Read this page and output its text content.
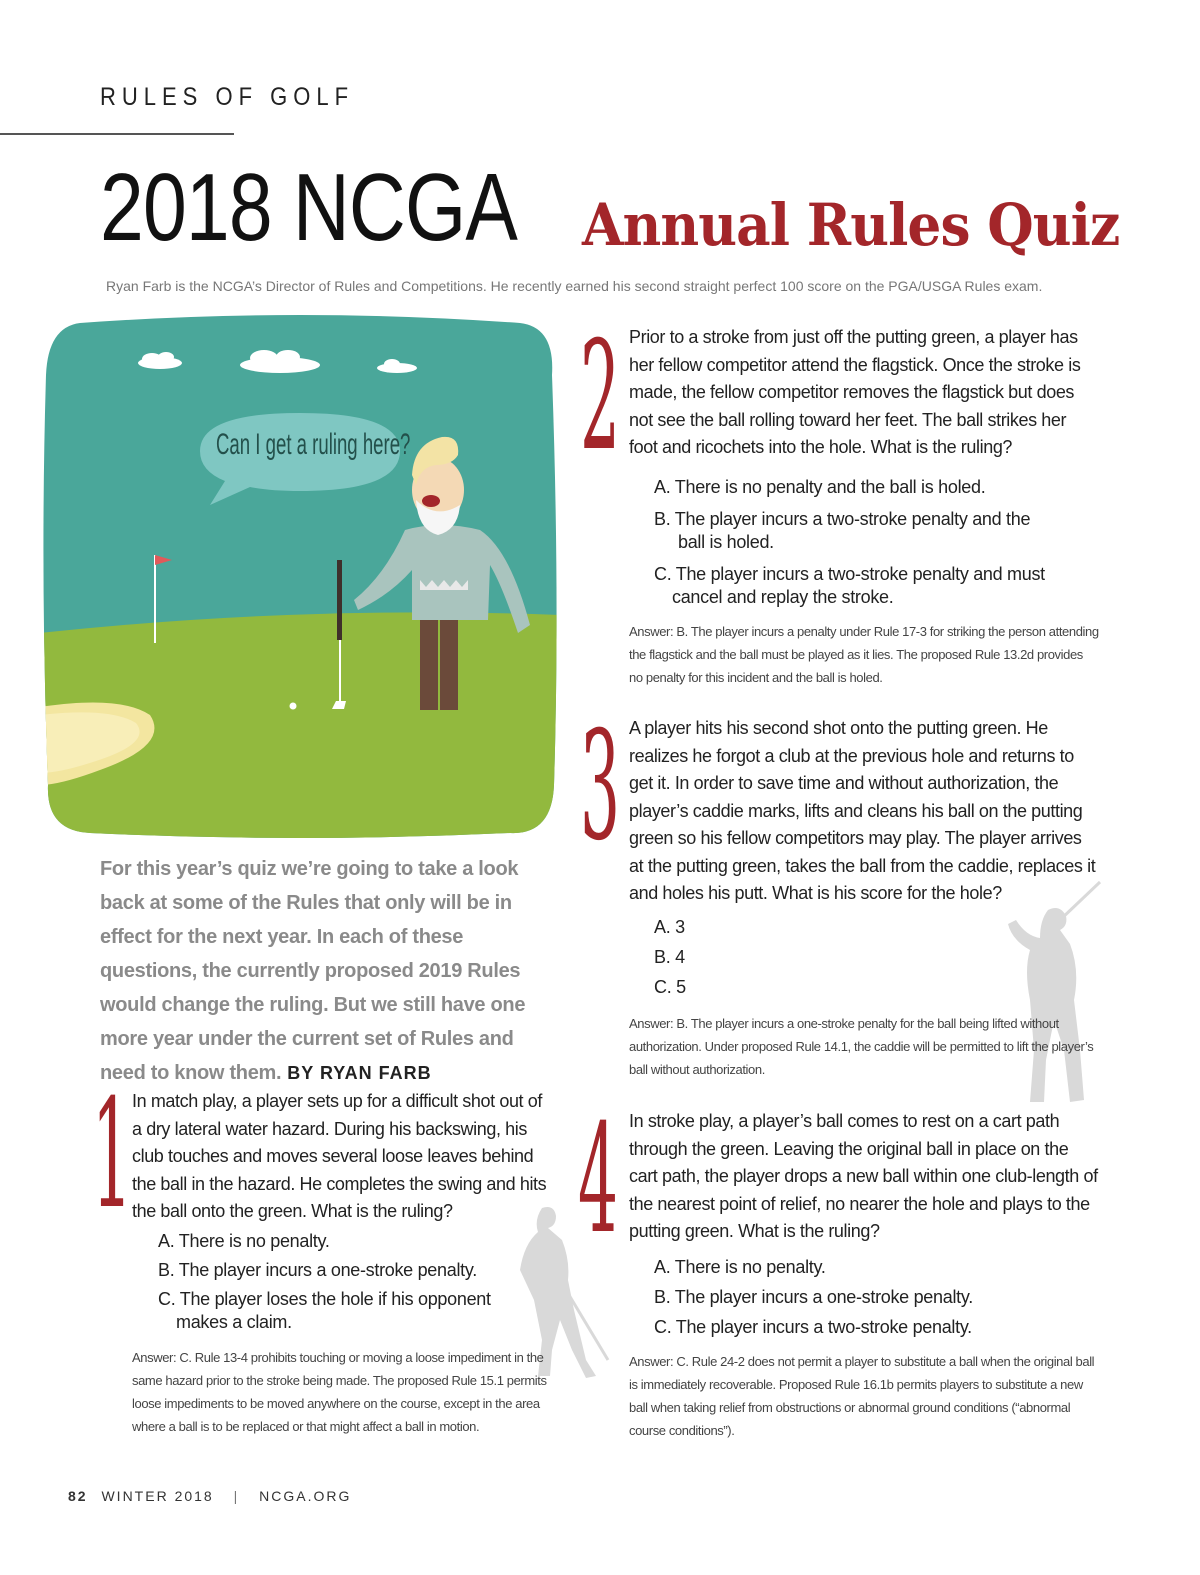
RULES OF GOLF
2018 NCGA Annual Rules Quiz
Ryan Farb is the NCGA’s Director of Rules and Competitions. He recently earned his second straight perfect 100 score on the PGA/USGA Rules exam.
Can I get a ruling here?
For this year’s quiz we’re going to take a look back at some of the Rules that only will be in effect for the next year. In each of these questions, the currently proposed 2019 Rules would change the ruling. But we still have one more year under the current set of Rules and need to know them. BY RYAN FARB
1 In match play, a player sets up for a difficult shot out of a dry lateral water hazard. During his backswing, his club touches and moves several loose leaves behind the ball in the hazard. He completes the swing and hits the ball onto the green. What is the ruling?
A. There is no penalty.
B. The player incurs a one-stroke penalty.
C. The player loses the hole if his opponent
makes a claim.
Answer: C. Rule 13-4 prohibits touching or moving a loose impediment in the same hazard prior to the stroke being made. The proposed Rule 15.1 permits loose impediments to be moved anywhere on the course, except in the area where a ball is to be replaced or that might affect a ball in motion.
2 Prior to a stroke from just off the putting green, a player has her fellow competitor attend the flagstick. Once the stroke is made, the fellow competitor removes the flagstick but does not see the ball rolling toward her feet. The ball strikes her foot and ricochets into the hole. What is the ruling?
A. There is no penalty and the ball is holed.
B. The player incurs a two-stroke penalty and the
ball is holed.
C. The player incurs a two-stroke penalty and must
cancel and replay the stroke.
Answer: B. The player incurs a penalty under Rule 17-3 for striking the person attending the flagstick and the ball must be played as it lies. The proposed Rule 13.2d provides no penalty for this incident and the ball is holed.
3 A player hits his second shot onto the putting green. He realizes he forgot a club at the previous hole and returns to get it. In order to save time and without authorization, the player’s caddie marks, lifts and cleans his ball on the putting green so his fellow competitors may play. The player arrives at the putting green, takes the ball from the caddie, replaces it and holes his putt. What is his score for the hole?
A. 3
B. 4
C. 5
Answer: B. The player incurs a one-stroke penalty for the ball being lifted without authorization. Under proposed Rule 14.1, the caddie will be permitted to lift the player’s ball without authorization.
4 In stroke play, a player’s ball comes to rest on a cart path through the green. Leaving the original ball in place on the cart path, the player drops a new ball within one club-length of the nearest point of relief, no nearer the hole and plays to the putting green. What is the ruling?
A. There is no penalty.
B. The player incurs a one-stroke penalty.
C. The player incurs a two-stroke penalty.
Answer: C. Rule 24-2 does not permit a player to substitute a ball when the original ball is immediately recoverable. Proposed Rule 16.1b permits players to substitute a new ball when taking relief from obstructions or abnormal ground conditions (“abnormal course conditions”).
82 WINTER 2018 | NCGA.ORG
